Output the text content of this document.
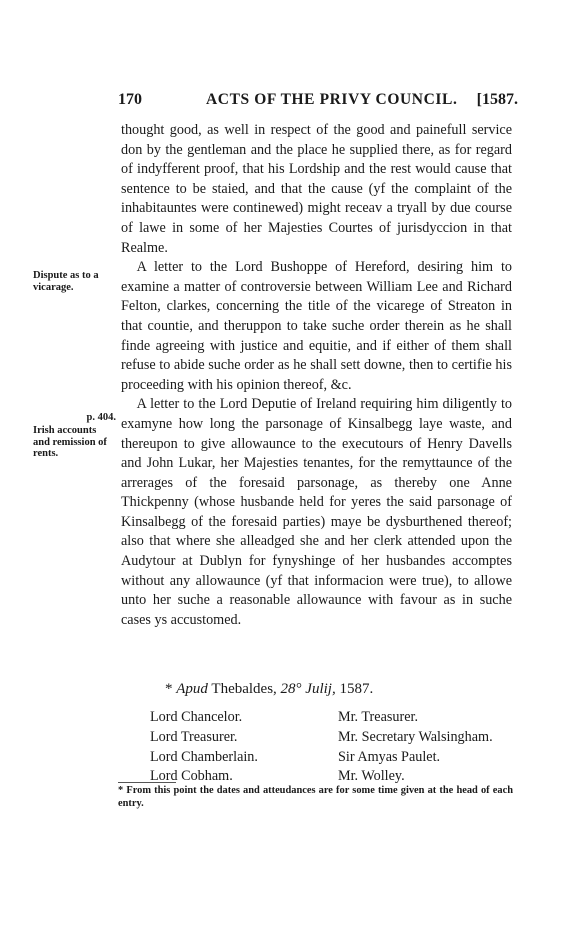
170	ACTS OF THE PRIVY COUNCIL. [1587.
Dispute as to a vicarage.
p. 404.
Irish accounts and remission of rents.

thought good, as well in respect of the good and painefull service don by the gentleman and the place he supplied there, as for regard of indyfferent proof, that his Lordship and the rest would cause that sentence to be staied, and that the cause (yf the complaint of the inhabitauntes were continewed) might receav a tryall by due course of lawe in some of her Majesties Courtes of jurisdyccion in that Realme.

A letter to the Lord Bushoppe of Hereford, desiring him to examine a matter of controversie between William Lee and Richard Felton, clarkes, concerning the title of the vicarege of Streaton in that countie, and theruppon to take suche order therein as he shall finde agreeing with justice and equitie, and if either of them shall refuse to abide suche order as he shall sett downe, then to certifie his proceeding with his opinion thereof, &c.

A letter to the Lord Deputie of Ireland requiring him diligently to examyne how long the parsonage of Kinsalbegg laye waste, and thereupon to give allowaunce to the executours of Henry Davells and John Lukar, her Majesties tenantes, for the remyttaunce of the arrerages of the foresaid parsonage, as thereby one Anne Thickpenny (whose husbande held for yeres the said parsonage of Kinsalbegg of the foresaid parties) maye be dysburthened thereof; also that where she alleadged she and her clerk attended upon the Audytour at Dublyn for fynyshinge of her husbandes accomptes without any allowaunce (yf that informacion were true), to allowe unto her suche a reasonable allowaunce with favour as in suche cases ys accustomed.

* Apud Thebaldes, 28° Julij, 1587.
Lord Chancelor.
Lord Treasurer.
Lord Chamberlain.
Lord Cobham.
Mr. Treasurer.
Mr. Secretary Walsingham.
Sir Amyas Paulet.
Mr. Wolley.
* From this point the dates and atteudances are for some time given at the head of each entry.
